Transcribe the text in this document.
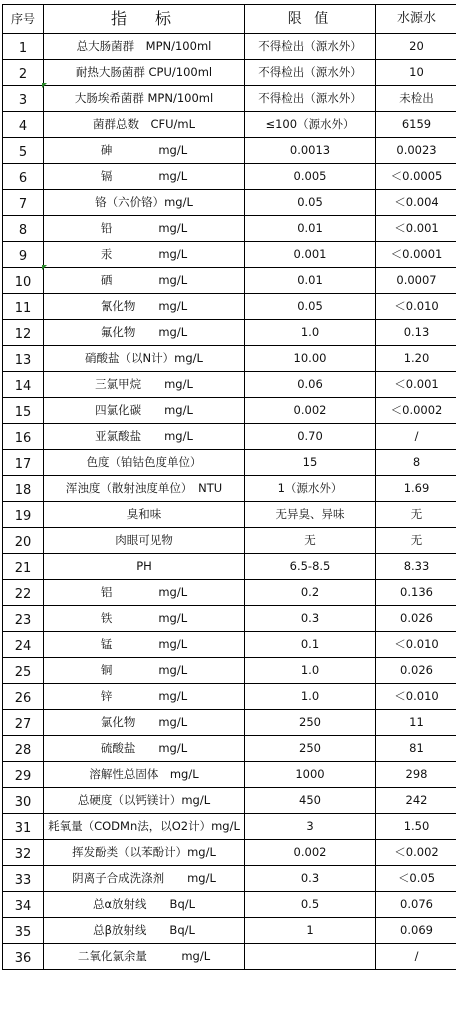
序号	指　标	限 值	水源水
1	总大肠菌群　MPN/100ml	不得检出（源水外）	20
2	耐热大肠菌群 CPU/100ml	不得检出（源水外）	10
3	大肠埃希菌群 MPN/100ml	不得检出（源水外）	未检出
4	菌群总数　CFU/mL	≤100（源水外）	6159
5	砷　　　　mg/L	0.0013	0.0023
6	镉　　　　mg/L	0.005	＜0.0005
7	铬（六价铬）mg/L	0.05	＜0.004
8	铅　　　　mg/L	0.01	＜0.001
9	汞　　　　mg/L	0.001	＜0.0001
10	硒　　　　mg/L	0.01	0.0007
11	氰化物　　mg/L	0.05	＜0.010
12	氟化物　　mg/L	1.0	0.13
13	硝酸盐（以N计）mg/L	10.00	1.20
14	三氯甲烷　　mg/L	0.06	＜0.001
15	四氯化碳　　mg/L	0.002	＜0.0002
16	亚氯酸盐　　mg/L	0.70	/
17	色度（铂钴色度单位）	15	8
18	浑浊度（散射浊度单位）　NTU	1（源水外）	1.69
19	臭和味	无异臭、异味	无
20	肉眼可见物	无	无
21	PH	6.5-8.5	8.33
22	铝　　　　mg/L	0.2	0.136
23	铁　　　　mg/L	0.3	0.026
24	锰　　　　mg/L	0.1	＜0.010
25	铜　　　　mg/L	1.0	0.026
26	锌　　　　mg/L	1.0	＜0.010
27	氯化物　　mg/L	250	11
28	硫酸盐　　mg/L	250	81
29	溶解性总固体　mg/L	1000	298
30	总硬度（以钙镁计）mg/L	450	242
31	耗氧量（CODMn法，以O2计）mg/L	3	1.50
32	挥发酚类（以苯酚计）mg/L	0.002	＜0.002
33	阴离子合成洗涤剂　　mg/L	0.3	＜0.05
34	总α放射线　　Bq/L	0.5	0.076
35	总β放射线　　Bq/L	1	0.069
36	二氧化氯余量　　　mg/L		/
